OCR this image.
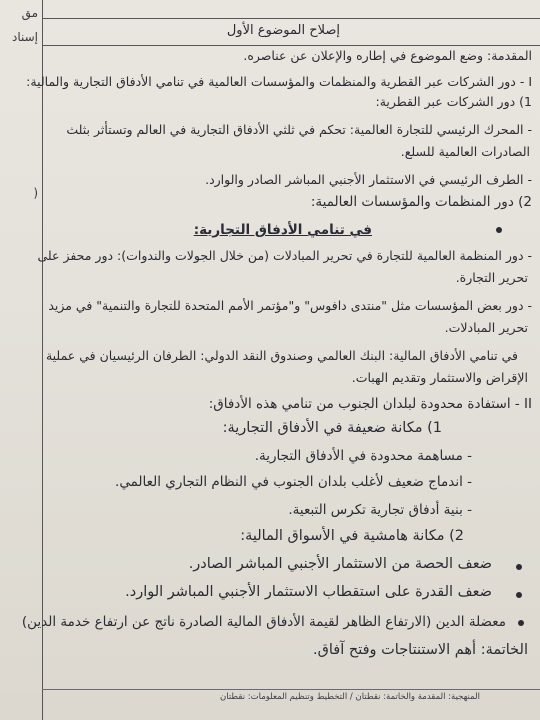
مق
إسناد
(
إصلاح الموضوع الأول
المقدمة: وضع الموضوع في إطاره والإعلان عن عناصره.
I - دور الشركات عبر القطرية والمنظمات والمؤسسات العالمية في تنامي الأدفاق التجارية والمالية:
1) دور الشركات عبر القطرية:
- المحرك الرئيسي للتجارة العالمية: تحكم في ثلثي الأدفاق التجارية في العالم وتستأثر بثلث
الصادرات العالمية للسلع.
- الطرف الرئيسي في الاستثمار الأجنبي المباشر الصادر والوارد.
2) دور المنظمات والمؤسسات العالمية:
في تنامي الأدفاق التجارية:
- دور المنظمة العالمية للتجارة في تحرير المبادلات (من خلال الجولات والندوات): دور محفز على
تحرير التجارة.
- دور بعض المؤسسات مثل "منتدى دافوس" و"مؤتمر الأمم المتحدة للتجارة والتنمية" في مزيد
تحرير المبادلات.
في تنامي الأدفاق المالية: البنك العالمي وصندوق النقد الدولي: الطرفان الرئيسيان في عملية
الإقراض والاستثمار وتقديم الهبات.
II - استفادة محدودة لبلدان الجنوب من تنامي هذه الأدفاق:
1) مكانة ضعيفة في الأدفاق التجارية:
- مساهمة محدودة في الأدفاق التجارية.
- اندماج ضعيف لأغلب بلدان الجنوب في النظام التجاري العالمي.
- بنية أدفاق تجارية تكرس التبعية.
2) مكانة هامشية في الأسواق المالية:
ضعف الحصة من الاستثمار الأجنبي المباشر الصادر.
ضعف القدرة على استقطاب الاستثمار الأجنبي المباشر الوارد.
معضلة الدين (الارتفاع الظاهر لقيمة الأدفاق المالية الصادرة ناتج عن ارتفاع خدمة الدين)
الخاتمة: أهم الاستنتاجات وفتح آفاق.
المنهجية: المقدمة والخاتمة: نقطتان / التخطيط وتنظيم المعلومات: نقطتان
